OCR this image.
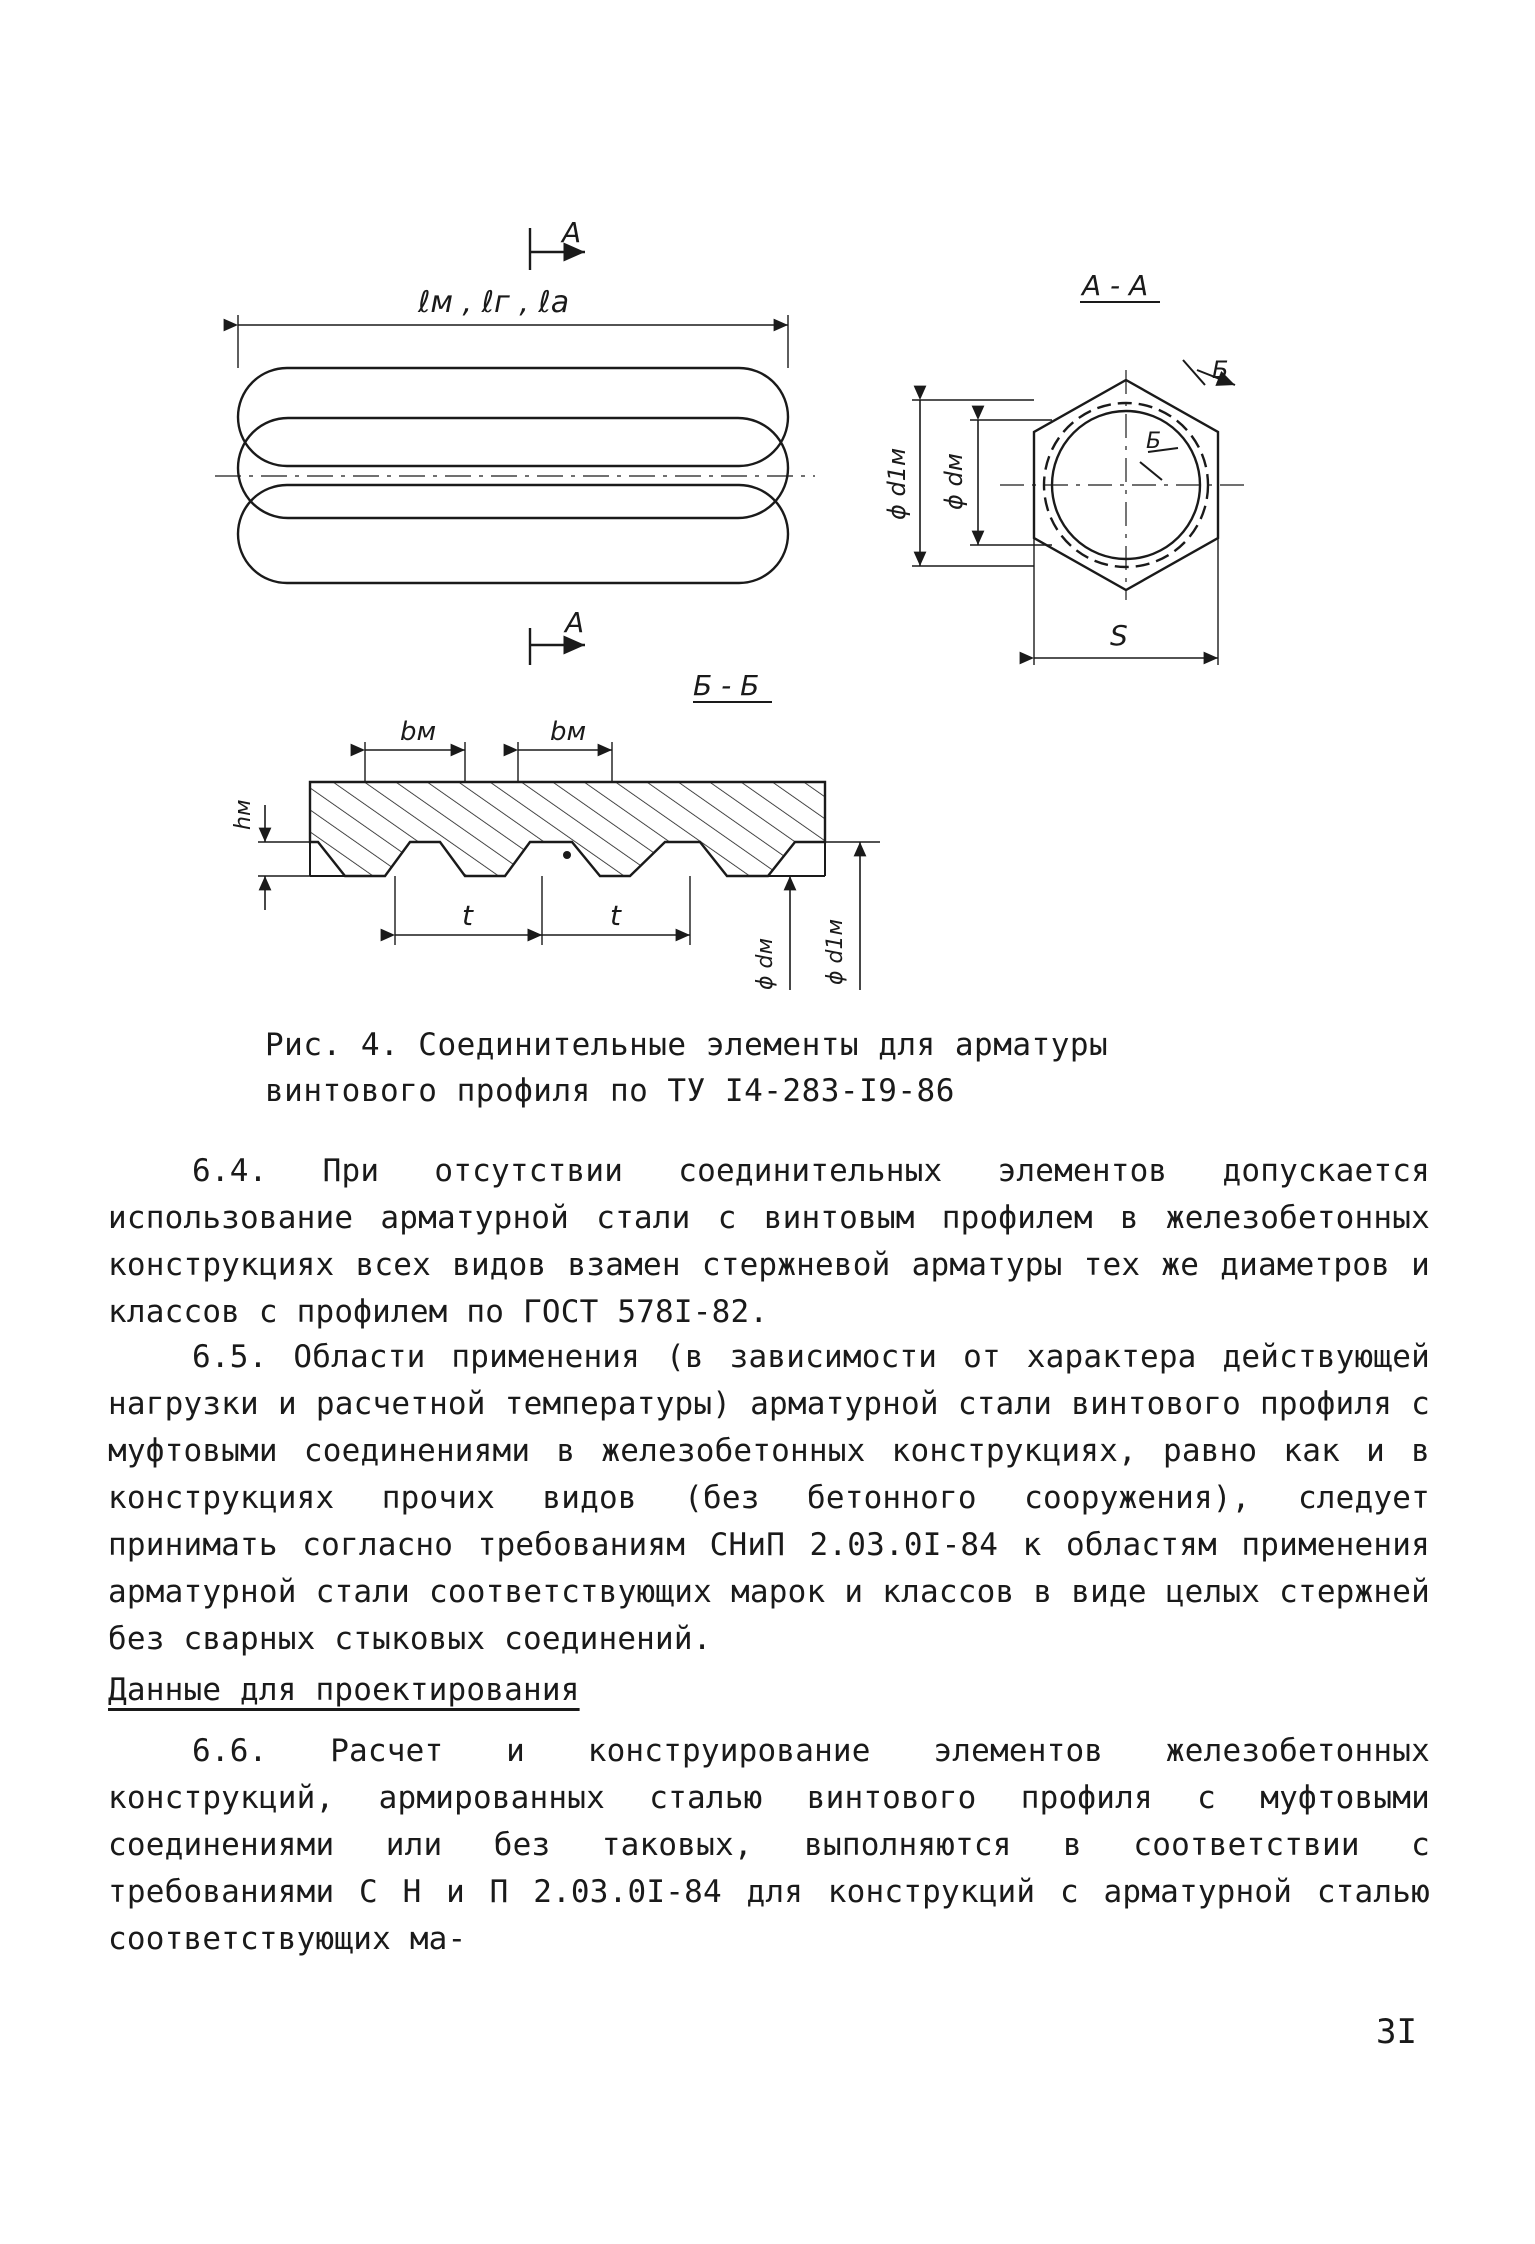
А
ℓм , ℓг , ℓa
А
А - А
Б
Б
ϕ d1м ϕ dм
S
Б - Б
bм	bм
hм
t	t
ϕ dм ϕ d1м

Рис. 4. Соединительные элементы для арматуры

винтового профиля по ТУ I4-283-I9-86

6.4. При отсутствии соединительных элементов допускается использование арматурной стали с винтовым профилем в железобетонных конструкциях всех видов взамен стержневой арматуры тех же диаметров и классов с профилем по ГОСТ 578I-82.

6.5. Области применения (в зависимости от характера действующей нагрузки и расчетной температуры) арматурной стали винтового профиля с муфтовыми соединениями в железобетонных конструкциях, равно как и в конструкциях прочих видов (без бетонного сооружения), следует принимать согласно требованиям СНиП 2.03.0I-84 к областям применения арматурной стали соответствующих марок и классов в виде целых стержней без сварных стыковых соединений.

Данные для проектирования

6.6. Расчет и конструирование элементов железобетонных конструкций, армированных сталью винтового профиля с муфтовыми соединениями или без таковых, выполняются в соответствии с требованиями С Н и П 2.03.0I-84 для конструкций с арматурной сталью соответствующих ма-

3I
